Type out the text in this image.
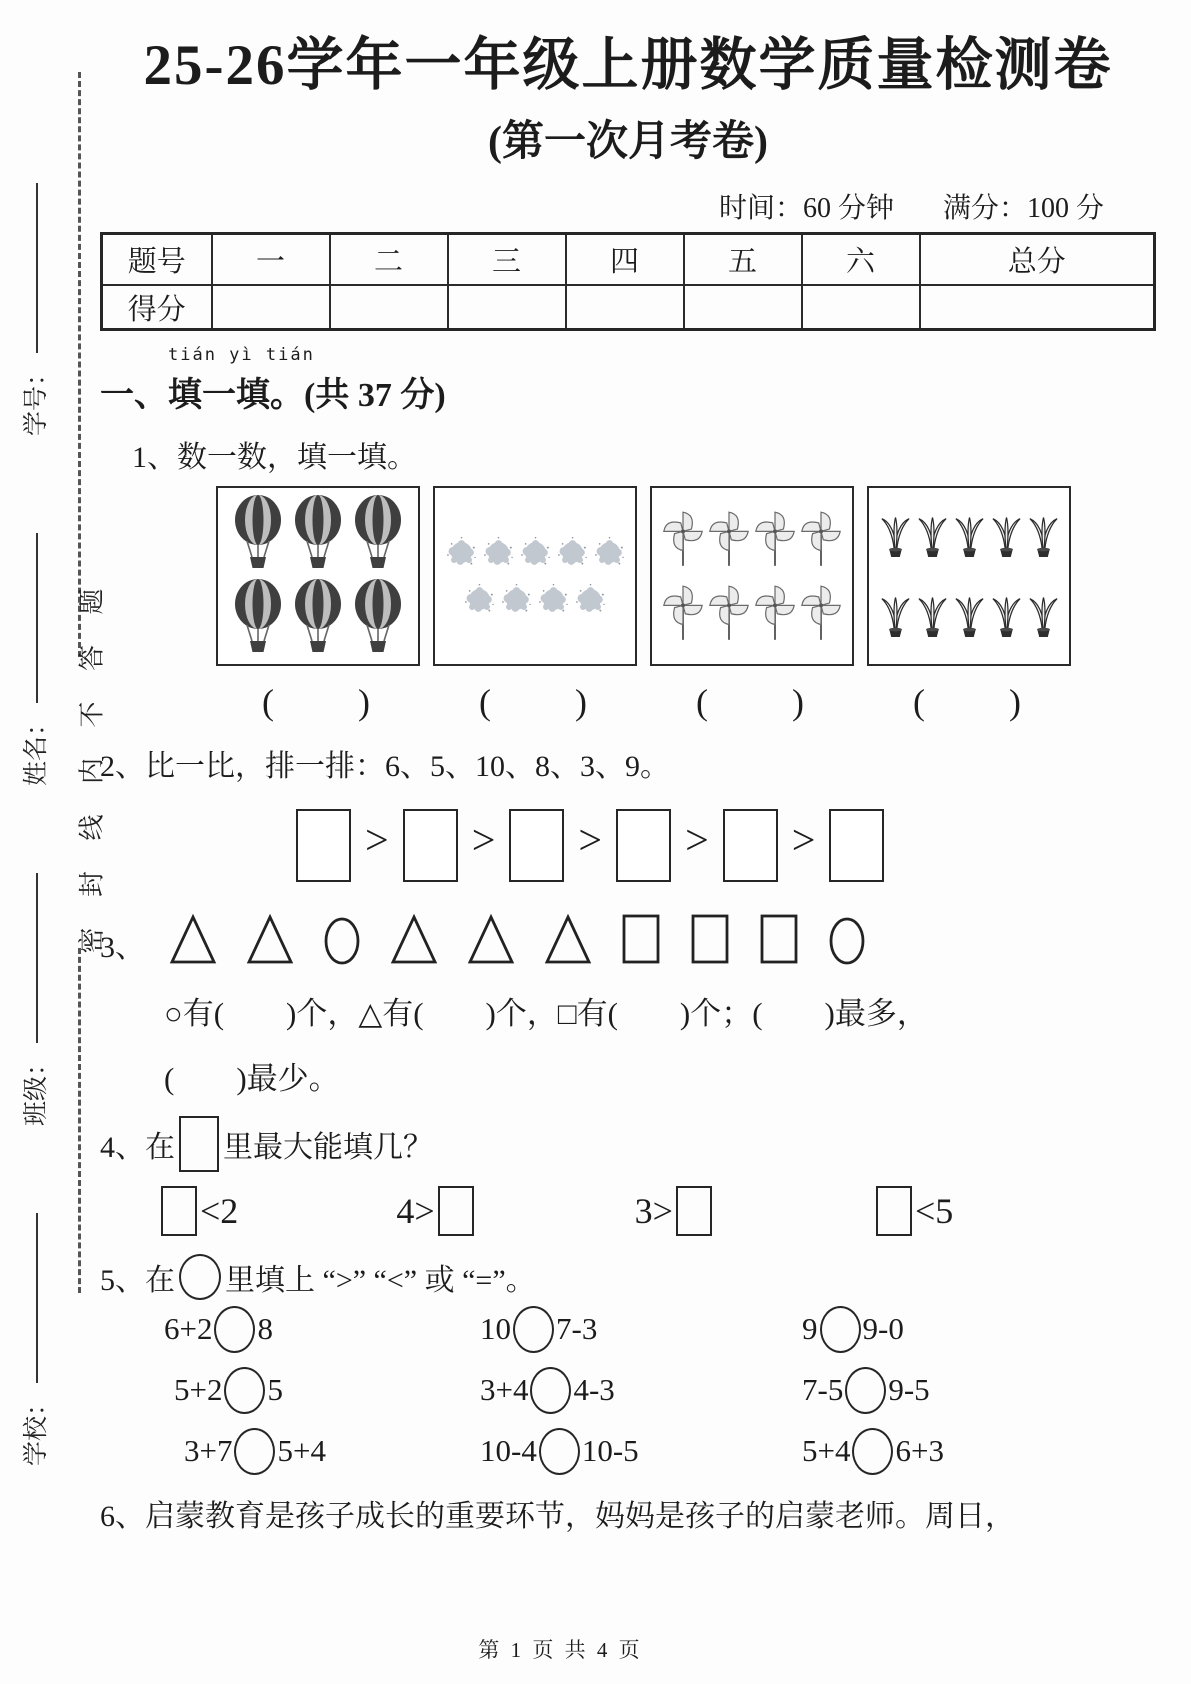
学号：
姓名：
班级：
学校：
密 封 线 内 不 答 题
25-26学年一年级上册数学质量检测卷
(第一次月考卷)
时间：60 分钟 满分：100 分
题号	一	二	三	四	五	六	总分
得分							
tián yì tián
一、填一填。(共 37 分)
1、数一数，填一填。
(　　)	(　　)	(　　)	(　　)
2、比一比，排一排：6、5、10、8、3、9。
> > > > >
3、
○有(　　)个，△有(　　)个，□有(　　)个；(　　)最多，
(　　)最少。
4、在 里最大能填几？
<2	4>	3>	<5
5、在 里填上 “>” “<” 或 “=”。
6+2 8	10 7-3	9 9-0
5+2 5	3+4 4-3	7-5 9-5
3+7 5+4	10-4 10-5	5+4 6+3
6、启蒙教育是孩子成长的重要环节，妈妈是孩子的启蒙老师。周日，
第 1 页 共 4 页
